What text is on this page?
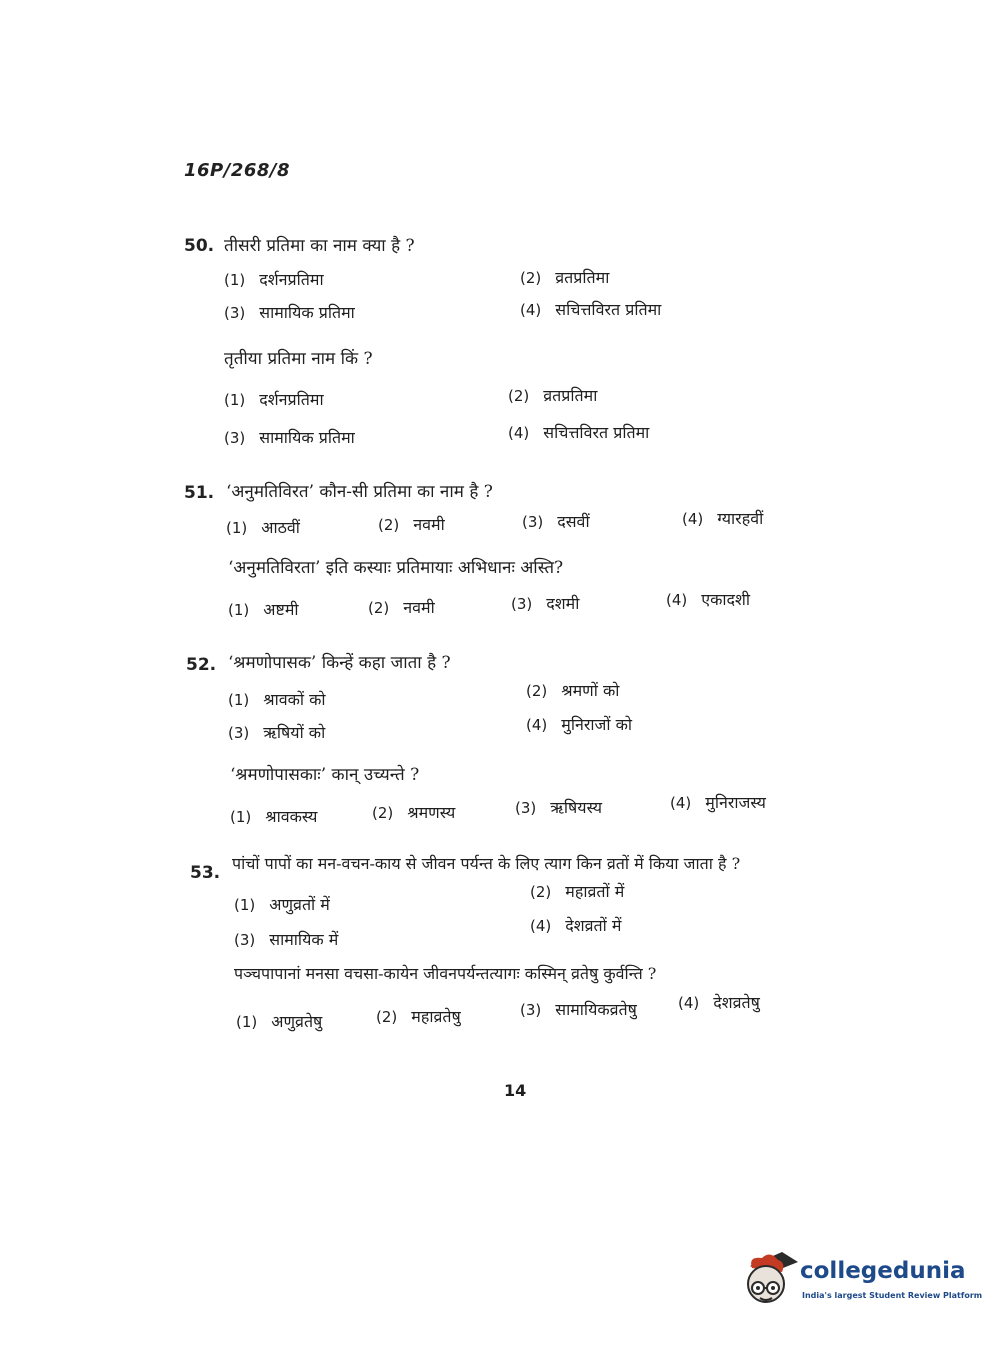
16P/268/8
50. तीसरी प्रतिमा का नाम क्या है ?
(1) दर्शनप्रतिमा	(2) व्रतप्रतिमा
(3) सामायिक प्रतिमा	(4) सचित्तविरत प्रतिमा
तृतीया प्रतिमा नाम किं ?
(1) दर्शनप्रतिमा	(2) व्रतप्रतिमा
(3) सामायिक प्रतिमा	(4) सचित्तविरत प्रतिमा
51. ‘अनुमतिविरत’ कौन-सी प्रतिमा का नाम है ?
(1) आठवीं	(2) नवमी	(3) दसवीं	(4) ग्यारहवीं
‘अनुमतिविरता’ इति कस्याः प्रतिमायाः अभिधानः अस्ति?
(1) अष्टमी	(2) नवमी	(3) दशमी	(4) एकादशी
52. ‘श्रमणोपासक’ किन्हें कहा जाता है ?
(1) श्रावकों को	(2) श्रमणों को
(3) ऋषियों को	(4) मुनिराजों को
‘श्रमणोपासकाः’ कान् उच्यन्ते ?
(1) श्रावकस्य	(2) श्रमणस्य	(3) ऋषियस्य	(4) मुनिराजस्य
53. पांचों पापों का मन-वचन-काय से जीवन पर्यन्त के लिए त्याग किन व्रतों में किया जाता है ?
(1) अणुव्रतों में
(2) महाव्रतों में
(3) सामायिक में
(4) देशव्रतों में
पञ्चपापानां मनसा वचसा-कायेन जीवनपर्यन्तत्यागः कस्मिन् व्रतेषु कुर्वन्ति ?
(1) अणुव्रतेषु	(2) महाव्रतेषु	(3) सामायिकव्रतेषु	(4) देशव्रतेषु
14
collegedunia
India's largest Student Review Platform
